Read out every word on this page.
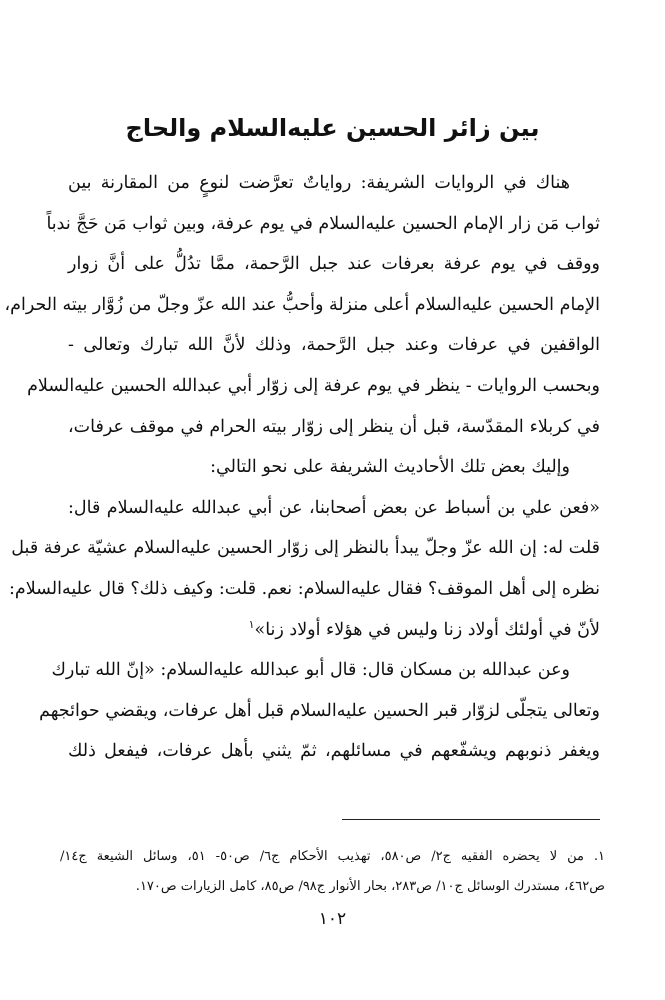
بين زائر الحسين عليه‌السلام والحاج
هناك في الروايات الشريفة: رواياتٌ تعرَّضت لنوعٍ من المقارنة بين
ثواب مَن زار الإمام الحسين عليه‌السلام في يوم عرفة، وبين ثواب مَن حَجَّ ندباً
ووقف في يوم عرفة بعرفات عند جبل الرَّحمة، ممَّا تدُلُّ على أنَّ زوار
الإمام الحسين عليه‌السلام أعلى منزلة وأحبُّ عند الله عزّ وجلّ من زُوَّار بيته الحرام،
الواقفين في عرفات وعند جبل الرَّحمة، وذلك لأنَّ الله تبارك وتعالى -
وبحسب الروايات - ينظر في يوم عرفة إلى زوّار أبي عبدالله الحسين عليه‌السلام
في كربلاء المقدّسة، قبل أن ينظر إلى زوّار بيته الحرام في موقف عرفات،
وإليك بعض تلك الأحاديث الشريفة على نحو التالي:
«فعن علي بن أسباط عن بعض أصحابنا، عن أبي عبدالله عليه‌السلام قال:
قلت له: إن الله عزّ وجلّ يبدأ بالنظر إلى زوّار الحسين عليه‌السلام عشيّة عرفة قبل
نظره إلى أهل الموقف؟ فقال عليه‌السلام: نعم. قلت: وكيف ذلك؟ قال عليه‌السلام:
لأنّ في أولئك أولاد زنا وليس في هؤلاء أولاد زنا»$^١$
وعن عبدالله بن مسكان قال: قال أبو عبدالله عليه‌السلام: «إنّ الله تبارك
وتعالى يتجلّى لزوّار قبر الحسين عليه‌السلام قبل أهل عرفات، ويقضي حوائجهم
ويغفر ذنوبهم ويشفّعهم في مسائلهم، ثمّ يثني بأهل عرفات، فيفعل ذلك
١. من لا يحضره الفقيه ج٢/ ص٥٨٠، تهذيب الأحكام ج٦/ ص٥٠- ٥١، وسائل الشيعة ج١٤/
ص٤٦٢، مستدرك الوسائل ج١٠/ ص٢٨٣، بحار الأنوار ج٩٨/ ص٨٥، كامل الزيارات ص١٧٠.
١٠٢
